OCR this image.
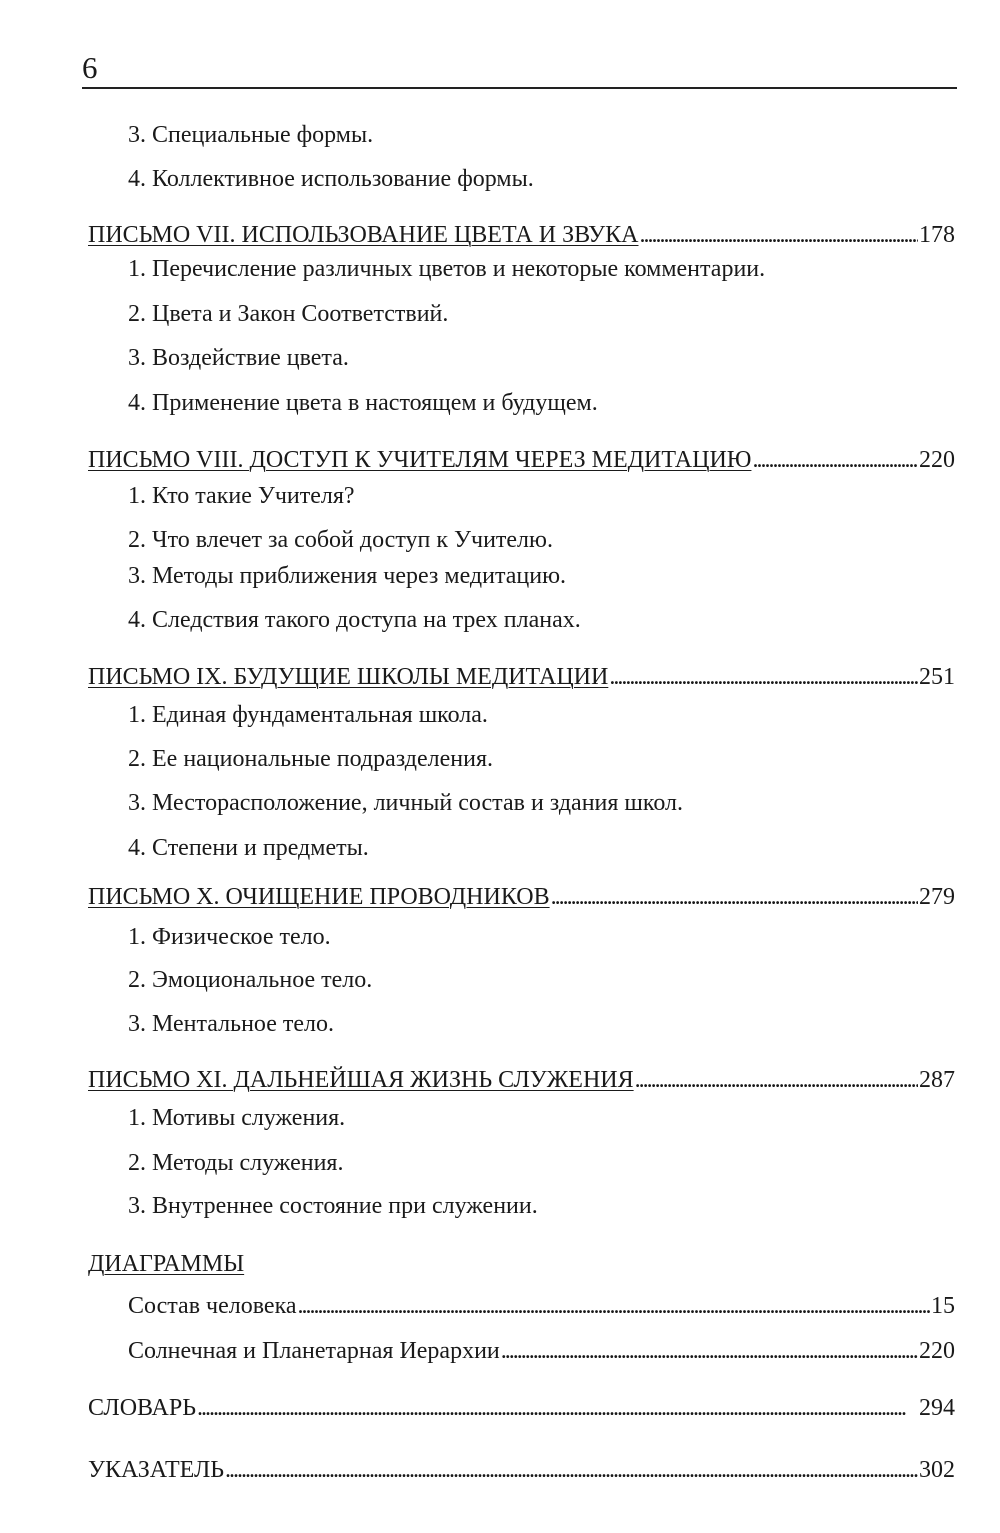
6
3. Специальные формы.
4. Коллективное использование формы.
ПИСЬМО VII. ИСПОЛЬЗОВАНИЕ ЦВЕТА И ЗВУКА . . .	178
1. Перечисление различных цветов и некоторые комментарии.
2. Цвета и Закон Соответствий.
3. Воздействие цвета.
4. Применение цвета в настоящем и будущем.
ПИСЬМО VIII. ДОСТУП К УЧИТЕЛЯМ ЧЕРЕЗ МЕДИТАЦИЮ . . .	220
1. Кто такие Учителя?
2. Что влечет за собой доступ к Учителю.
3. Методы приближения через медитацию.
4. Следствия такого доступа на трех планах.
ПИСЬМО IX. БУДУЩИЕ ШКОЛЫ МЕДИТАЦИИ . . .	251
1. Единая фундаментальная школа.
2. Ее национальные подразделения.
3. Месторасположение, личный состав и здания школ.
4. Степени и предметы.
ПИСЬМО X. ОЧИЩЕНИЕ ПРОВОДНИКОВ . . .	279
1. Физическое тело.
2. Эмоциональное тело.
3. Ментальное тело.
ПИСЬМО XI. ДАЛЬНЕЙШАЯ ЖИЗНЬ СЛУЖЕНИЯ . . .	287
1. Мотивы служения.
2. Методы служения.
3. Внутреннее состояние при служении.
ДИАГРАММЫ
Состав человека . . .	15
Солнечная и Планетарная Иерархии . . .	220
СЛОВАРЬ . . .	294
УКАЗАТЕЛЬ . . .	302
